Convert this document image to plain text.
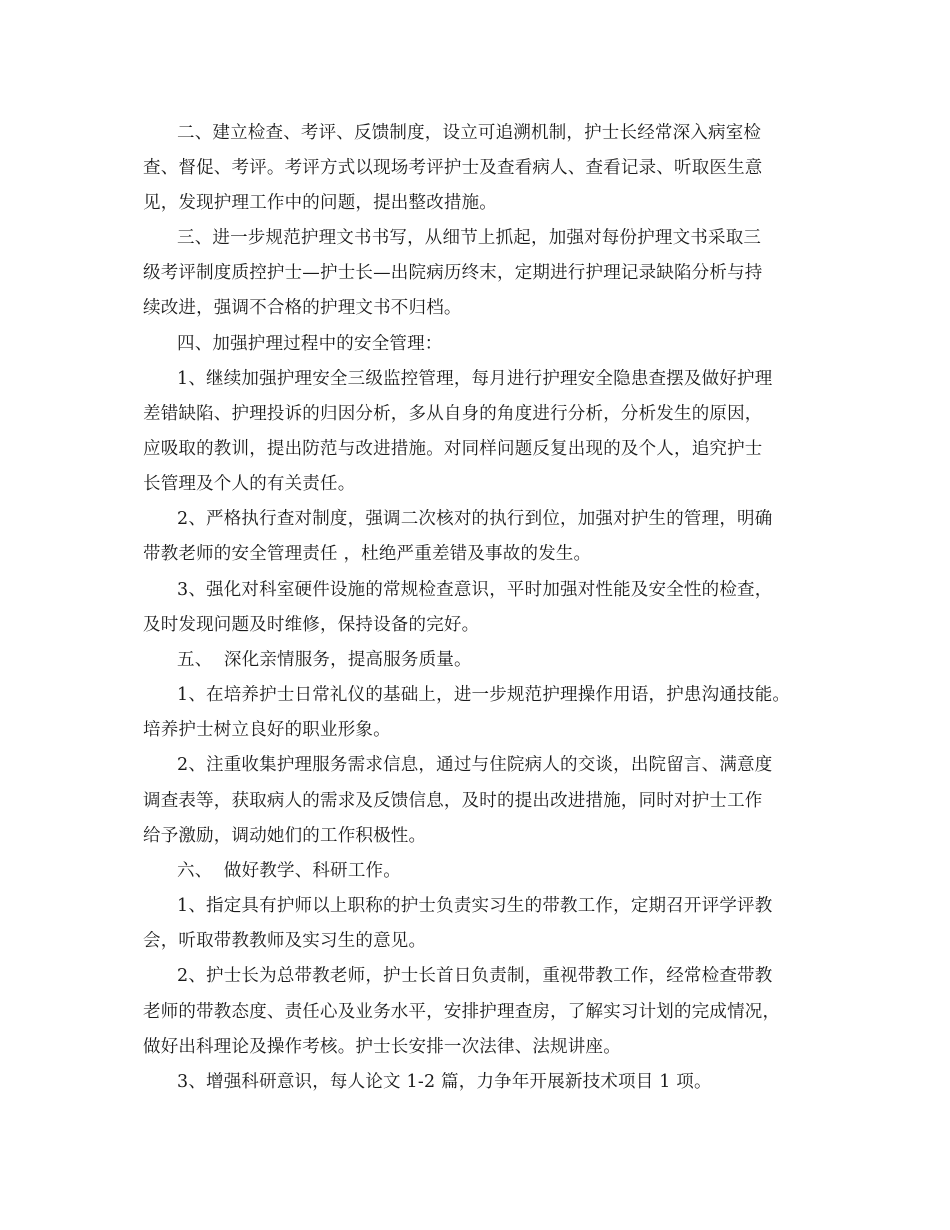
二、建立检查、考评、反馈制度，设立可追溯机制，护士长经常深入病室检
查、督促、考评。考评方式以现场考评护士及查看病人、查看记录、听取医生意
见，发现护理工作中的问题，提出整改措施。
三、进一步规范护理文书书写，从细节上抓起，加强对每份护理文书采取三
级考评制度质控护士—护士长—出院病历终末，定期进行护理记录缺陷分析与持
续改进，强调不合格的护理文书不归档。
四、加强护理过程中的安全管理：
1、继续加强护理安全三级监控管理，每月进行护理安全隐患查摆及做好护理
差错缺陷、护理投诉的归因分析，多从自身的角度进行分析，分析发生的原因，
应吸取的教训，提出防范与改进措施。对同样问题反复出现的及个人，追究护士
长管理及个人的有关责任。
2、严格执行查对制度，强调二次核对的执行到位，加强对护生的管理，明确
带教老师的安全管理责任 ，杜绝严重差错及事故的发生。
3、强化对科室硬件设施的常规检查意识，平时加强对性能及安全性的检查，
及时发现问题及时维修，保持设备的完好。
五、  深化亲情服务，提高服务质量。
1、在培养护士日常礼仪的基础上，进一步规范护理操作用语，护患沟通技能。
培养护士树立良好的职业形象。
2、注重收集护理服务需求信息，通过与住院病人的交谈，出院留言、满意度
调查表等，获取病人的需求及反馈信息，及时的提出改进措施，同时对护士工作
给予激励，调动她们的工作积极性。
六、  做好教学、科研工作。
1、指定具有护师以上职称的护士负责实习生的带教工作，定期召开评学评教
会，听取带教教师及实习生的意见。
2、护士长为总带教老师，护士长首日负责制，重视带教工作，经常检查带教
老师的带教态度、责任心及业务水平，安排护理查房，了解实习计划的完成情况，
做好出科理论及操作考核。护士长安排一次法律、法规讲座。
3、增强科研意识，每人论文 1-2 篇，力争年开展新技术项目 1 项。
